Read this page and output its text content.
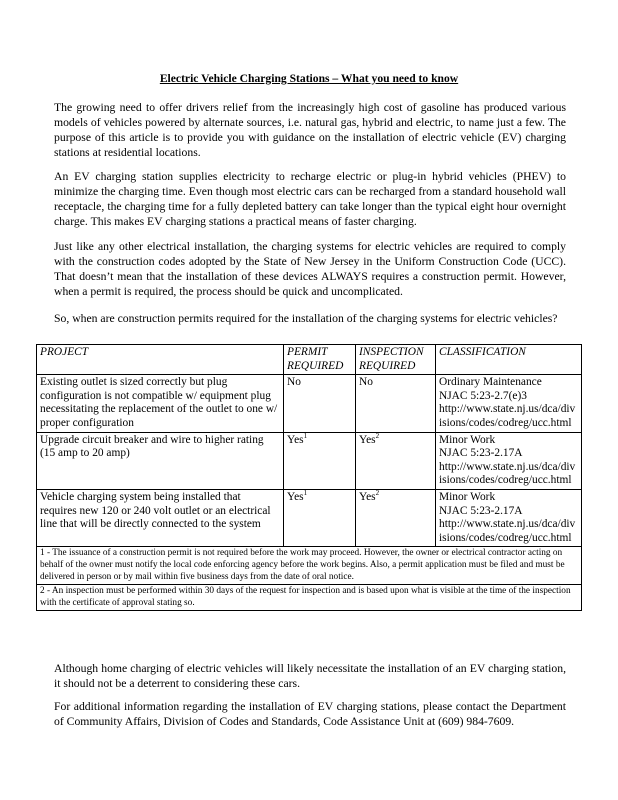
Electric Vehicle Charging Stations – What you need to know

The growing need to offer drivers relief from the increasingly high cost of gasoline has produced various models of vehicles powered by alternate sources, i.e. natural gas, hybrid and electric, to name just a few. The purpose of this article is to provide you with guidance on the installation of electric vehicle (EV) charging stations at residential locations.

An EV charging station supplies electricity to recharge electric or plug-in hybrid vehicles (PHEV) to minimize the charging time. Even though most electric cars can be recharged from a standard household wall receptacle, the charging time for a fully depleted battery can take longer than the typical eight hour overnight charge. This makes EV charging stations a practical means of faster charging.

Just like any other electrical installation, the charging systems for electric vehicles are required to comply with the construction codes adopted by the State of New Jersey in the Uniform Construction Code (UCC). That doesn’t mean that the installation of these devices ALWAYS requires a construction permit. However, when a permit is required, the process should be quick and uncomplicated.

So, when are construction permits required for the installation of the charging systems for electric vehicles?

PROJECT	PERMIT REQUIRED	INSPECTION REQUIRED	CLASSIFICATION
Existing outlet is sized correctly but plug configuration is not compatible w/ equipment plug necessitating the replacement of the outlet to one w/ proper configuration	No	No	Ordinary Maintenance
NJAC 5:23-2.7(e)3
http://www.state.nj.us/dca/divisions/codes/codreg/ucc.html

Upgrade circuit breaker and wire to higher rating (15 amp to 20 amp)	Yes$^1$	Yes$^2$	Minor Work
NJAC 5:23-2.17A
http://www.state.nj.us/dca/divisions/codes/codreg/ucc.html

Vehicle charging system being installed that requires new 120 or 240 volt outlet or an electrical line that will be directly connected to the system	Yes$^1$	Yes$^2$	Minor Work
NJAC 5:23-2.17A
http://www.state.nj.us/dca/divisions/codes/codreg/ucc.html

1 - The issuance of a construction permit is not required before the work may proceed. However, the owner or electrical contractor acting on behalf of the owner must notify the local code enforcing agency before the work begins. Also, a permit application must be filed and must be delivered in person or by mail within five business days from the date of oral notice.			
2 - An inspection must be performed within 30 days of the request for inspection and is based upon what is visible at the time of the inspection with the certificate of approval stating so.			

Although home charging of electric vehicles will likely necessitate the installation of an EV charging station, it should not be a deterrent to considering these cars.

For additional information regarding the installation of EV charging stations, please contact the Department of Community Affairs, Division of Codes and Standards, Code Assistance Unit at (609) 984-7609.
